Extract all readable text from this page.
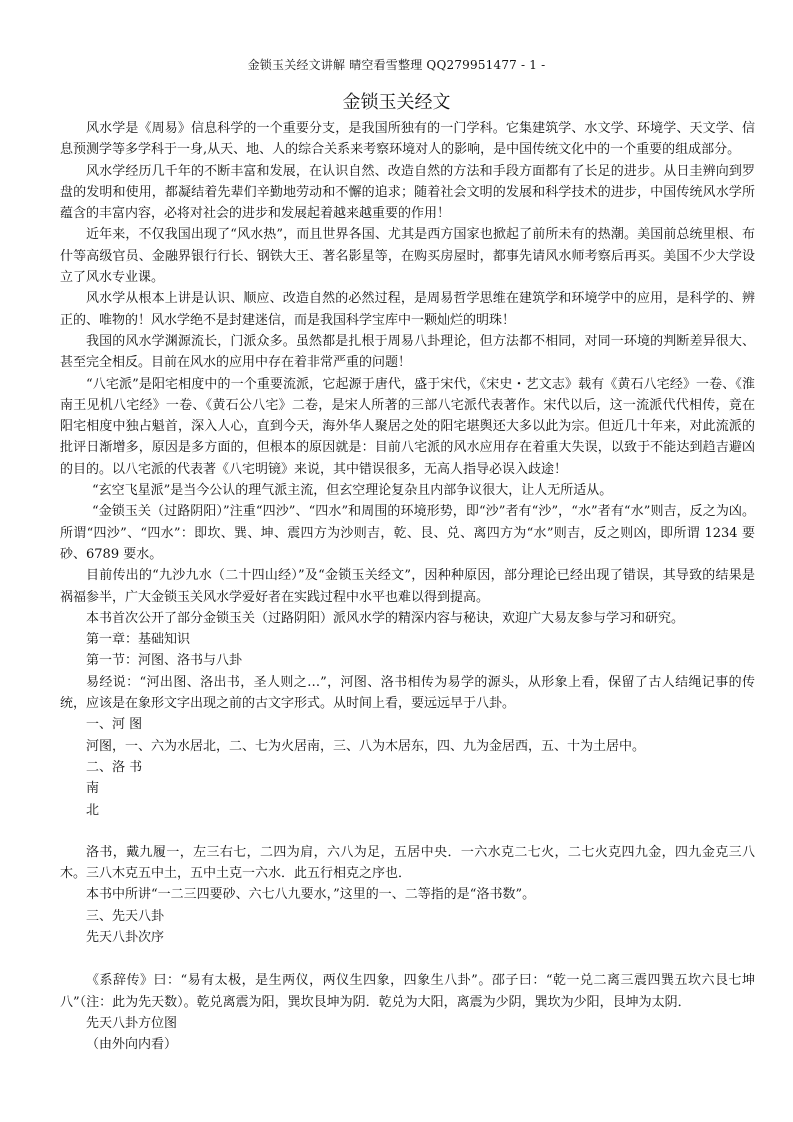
金锁玉关经文讲解 晴空看雪整理 QQ279951477 - 1 -
金锁玉关经文

风水学是《周易》信息科学的一个重要分支，是我国所独有的一门学科。它集建筑学、水文学、环境学、天文学、信息预测学等多学科于一身,从天、地、人的综合关系来考察环境对人的影响，是中国传统文化中的一个重要的组成部分。

风水学经历几千年的不断丰富和发展，在认识自然、改造自然的方法和手段方面都有了长足的进步。从日圭辨向到罗盘的发明和使用，都凝结着先辈们辛勤地劳动和不懈的追求；随着社会文明的发展和科学技术的进步，中国传统风水学所蕴含的丰富内容，必将对社会的进步和发展起着越来越重要的作用！

近年来，不仅我国出现了“风水热”，而且世界各国、尤其是西方国家也掀起了前所未有的热潮。美国前总统里根、布什等高级官员、金融界银行行长、钢铁大王、著名影星等，在购买房屋时，都事先请风水师考察后再买。美国不少大学设立了风水专业课。

风水学从根本上讲是认识、顺应、改造自然的必然过程，是周易哲学思维在建筑学和环境学中的应用，是科学的、辨正的、唯物的！风水学绝不是封建迷信，而是我国科学宝库中一颗灿烂的明珠！

我国的风水学渊源流长，门派众多。虽然都是扎根于周易八卦理论，但方法都不相同，对同一环境的判断差异很大、甚至完全相反。目前在风水的应用中存在着非常严重的问题！

“八宅派”是阳宅相度中的一个重要流派，它起源于唐代，盛于宋代，《宋史・艺文志》载有《黄石八宅经》一卷、《淮南王见机八宅经》一卷、《黄石公八宅》二卷，是宋人所著的三部八宅派代表著作。宋代以后，这一流派代代相传，竟在阳宅相度中独占魁首，深入人心，直到今天，海外华人聚居之处的阳宅堪舆还大多以此为宗。但近几十年来，对此流派的批评日渐增多，原因是多方面的，但根本的原因就是：目前八宅派的风水应用存在着重大失误，以致于不能达到趋吉避凶的目的。以八宅派的代表著《八宅明镜》来说，其中错误很多，无高人指导必误入歧途！

“玄空飞星派”是当今公认的理气派主流，但玄空理论复杂且内部争议很大，让人无所适从。

“金锁玉关（过路阴阳）”注重“四沙”、“四水”和周围的环境形势，即“沙”者有“沙”，“水”者有“水”则吉，反之为凶。所谓“四沙”、“四水”：即坎、巽、坤、震四方为沙则吉，乾、艮、兑、离四方为“水”则吉，反之则凶，即所谓 1234 要砂、6789 要水。

目前传出的“九沙九水（二十四山经）”及“金锁玉关经文”，因种种原因，部分理论已经出现了错误，其导致的结果是祸福参半，广大金锁玉关风水学爱好者在实践过程中水平也难以得到提高。

本书首次公开了部分金锁玉关（过路阴阳）派风水学的精深内容与秘诀，欢迎广大易友参与学习和研究。

第一章：基础知识

第一节：河图、洛书与八卦

易经说：“河出图、洛出书，圣人则之…”，河图、洛书相传为易学的源头，从形象上看，保留了古人结绳记事的传统，应该是在象形文字出现之前的古文字形式。从时间上看，要远远早于八卦。

一、河 图

河图，一、六为水居北，二、七为火居南，三、八为木居东，四、九为金居西，五、十为土居中。

二、洛 书

南

北

洛书，戴九履一，左三右七，二四为肩，六八为足，五居中央．一六水克二七火，二七火克四九金，四九金克三八木。三八木克五中土，五中土克一六水．此五行相克之序也．

本书中所讲“一二三四要砂、六七八九要水，”这里的一、二等指的是“洛书数”。

三、先天八卦

先天八卦次序

《系辞传》曰：“易有太极，是生两仪，两仪生四象，四象生八卦”。邵子曰：“乾一兑二离三震四巽五坎六艮七坤八”（注：此为先天数）。乾兑离震为阳，巽坎艮坤为阴．乾兑为大阳，离震为少阴，巽坎为少阳，艮坤为太阴．

先天八卦方位图

（由外向内看）
